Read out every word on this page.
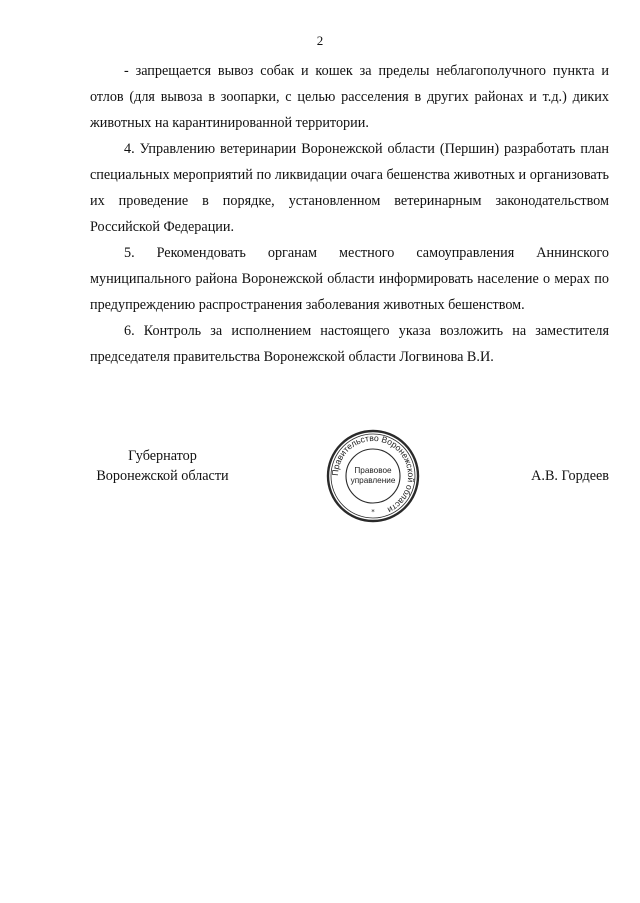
2

- запрещается вывоз собак и кошек за пределы неблагополучного пункта и отлов (для вывоза в зоопарки, с целью расселения в других районах и т.д.) диких животных на карантинированной территории.

4. Управлению ветеринарии Воронежской области (Першин) разработать план специальных мероприятий по ликвидации очага бешенства животных и организовать их проведение в порядке, установленном ветеринарным законодательством Российской Федерации.

5. Рекомендовать органам местного самоуправления Аннинского муниципального района Воронежской области информировать население о мерах по предупреждению распространения заболевания животных бешенством.

6. Контроль за исполнением настоящего указа возложить на заместителя председателя правительства Воронежской области Логвинова В.И.

Губернатор
Воронежской области	А.В. Гордеев
Правительство Воронежской области
*
Правовое
управление
